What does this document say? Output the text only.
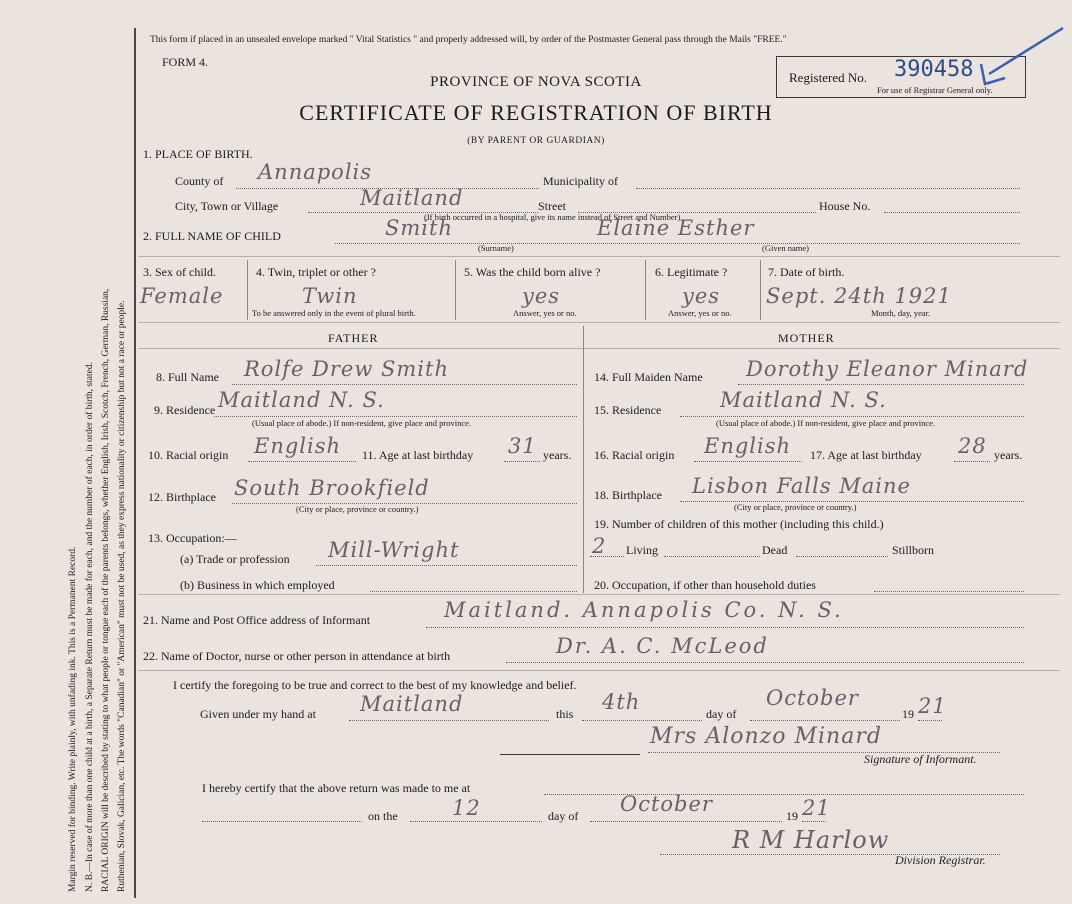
Margin reserved for binding. Write plainly, with unfading ink. This is a Permanent Record. N. B.—In case of more than one child at a birth, a Separate Return must be made for each, and the number of each, in order of birth, stated. RACIAL ORIGIN will be described by stating to what people or tongue each of the parents belongs, whether English, Irish, Scotch, French, German, Russian, Ruthenian, Slovak, Galician, etc. The words "Canadian" or "American" must not be used, as they express nationality or citizenship but not a race or people.
This form if placed in an unsealed envelope marked " Vital Statistics " and properly addressed will, by order of the Postmaster General pass through the Mails "FREE."
FORM 4.
PROVINCE OF NOVA SCOTIA
CERTIFICATE OF REGISTRATION OF BIRTH
(BY PARENT OR GUARDIAN)
Registered No. 390458
For use of Registrar General only.
1. PLACE OF BIRTH.
County of Annapolis	Municipality of
City, Town or Village	Maitland	Street	House No.
(If birth occurred in a hospital, give its name instead of Street and Number)
2. FULL NAME OF CHILD	Smith
(Surname)
Elaine Esther
(Given name)
3. Sex of child.
Female
4. Twin, triplet or other ?
Twin
To be answered only in the event of plural birth.
5. Was the child born alive ?
yes
Answer, yes or no.
6. Legitimate ?
yes
Answer, yes or no.
7. Date of birth.
Sept. 24th 1921
Month, day, year.
FATHER	MOTHER
8. Full Name Rolfe Drew Smith
9. Residence Maitland N. S.
(Usual place of abode.) If non-resident, give place and province.
10. Racial origin English 11. Age at last birthday 31 years.
12. Birthplace South Brookfield
(City or place, province or country.)
13. Occupation:—
(a) Trade or profession Mill-Wright
(b) Business in which employed
14. Full Maiden Name Dorothy Eleanor Minard
15. Residence	Maitland N. S.
(Usual place of abode.) If non-resident, give place and province.
16. Racial origin English 17. Age at last birthday 28 years.
18. Birthplace Lisbon Falls Maine
(City or place, province or country.)
19. Number of children of this mother (including this child.)
2 Living	Dead	Stillborn
20. Occupation, if other than household duties
21. Name and Post Office address of Informant	Maitland. Annapolis Co. N. S.
22. Name of Doctor, nurse or other person in attendance at birth	Dr. A. C. McLeod
I certify the foregoing to be true and correct to the best of my knowledge and belief.
Given under my hand at Maitland	this 4th	day of
October
19 21
Mrs Alonzo Minard
Signature of Informant.
I hereby certify that the above return was made to me at
on the	12	day of October	19 21
R M Harlow
Division Registrar.
